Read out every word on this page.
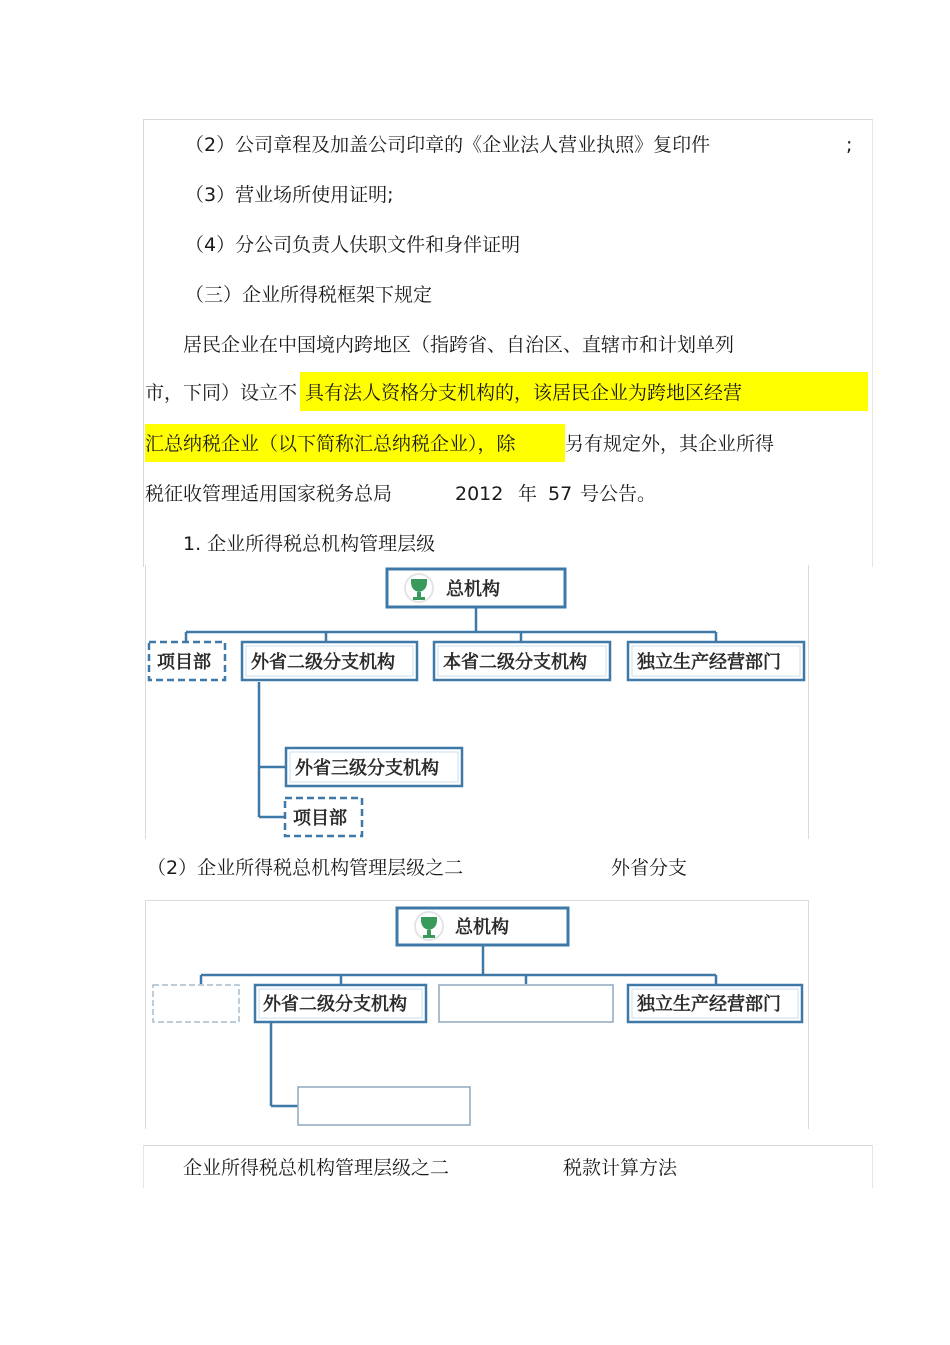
（2）公司章程及加盖公司印章的《企业法人营业执照》复印件	;
（3）营业场所使用证明;
（4）分公司负责人伕职文件和身伴证明
（三）企业所得税框架下规定
居民企业在中国境内跨地区（指跨省、自治区、直辖市和计划单列
市，下同）设立不 具有法人资格分支机构的，该居民企业为跨地区经营
汇总纳税企业（以下简称汇总纳税企业），除	另有规定外，其企业所得
税征收管理适用国家税务总局	2012 年 57 号公告。
1. 企业所得税总机构管理层级
总机构
项目部 外省二级分支机构	本省二级分支机构	独立生产经营部门
外省三级分支机构
项目部
（2）企业所得税总机构管理层级之二	外省分支
总机构
外省二级分支机构	独立生产经营部门
企业所得税总机构管理层级之二	税款计算方法
